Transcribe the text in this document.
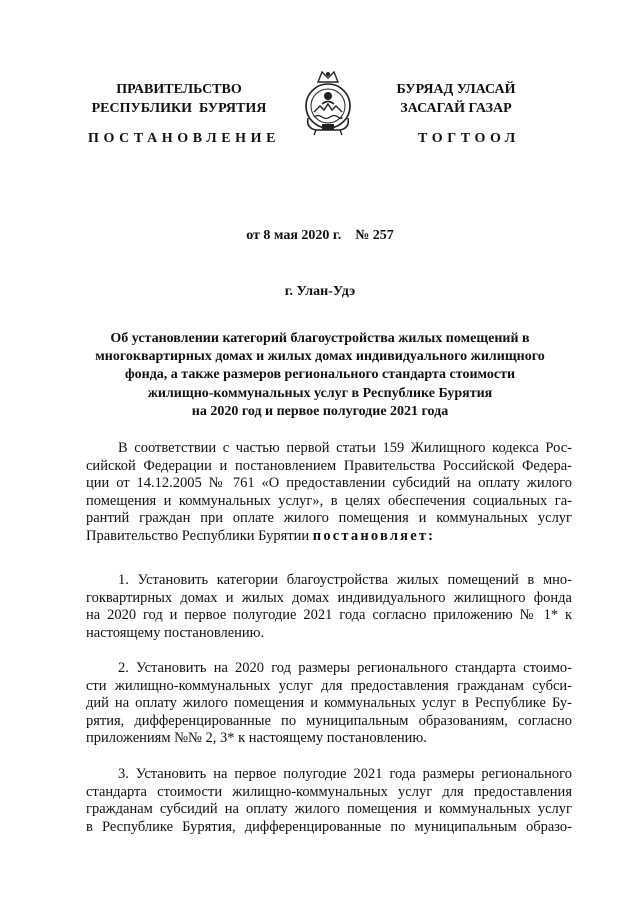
ПРАВИТЕЛЬСТВО
РЕСПУБЛИКИ  БУРЯТИЯ
БУРЯАД УЛАСАЙ
ЗАСАГАЙ ГАЗАР
ПОСТАНОВЛЕНИЕ	ТОГТООЛ
от 8 мая 2020 г. № 257
г. Улан-Удэ
Об установлении категорий благоустройства жилых помещений в
многоквартирных домах и жилых домах индивидуального жилищного
фонда, а также размеров регионального стандарта стоимости
жилищно-коммунальных услуг в Республике Бурятия
на 2020 год и первое полугодие 2021 года
В соответствии с частью первой статьи 159 Жилищного кодекса Рос-
сийской Федерации и постановлением Правительства Российской Федера-
ции от 14.12.2005 № 761 «О предоставлении субсидий на оплату жилого
помещения и коммунальных услуг», в целях обеспечения социальных га-
рантий граждан при оплате жилого помещения и коммунальных услуг
Правительство Республики Бурятии постановляет:
1. Установить категории благоустройства жилых помещений в мно-
гоквартирных домах и жилых домах индивидуального жилищного фонда
на 2020 год и первое полугодие 2021 года согласно приложению № 1* к
настоящему постановлению.
2. Установить на 2020 год размеры регионального стандарта стоимо-
сти жилищно-коммунальных услуг для предоставления гражданам субси-
дий на оплату жилого помещения и коммунальных услуг в Республике Бу-
рятия, дифференцированные по муниципальным образованиям, согласно
приложениям №№ 2, 3* к настоящему постановлению.
3. Установить на первое полугодие 2021 года размеры регионального
стандарта стоимости жилищно-коммунальных услуг для предоставления
гражданам субсидий на оплату жилого помещения и коммунальных услуг
в Республике Бурятия, дифференцированные по муниципальным образо-
